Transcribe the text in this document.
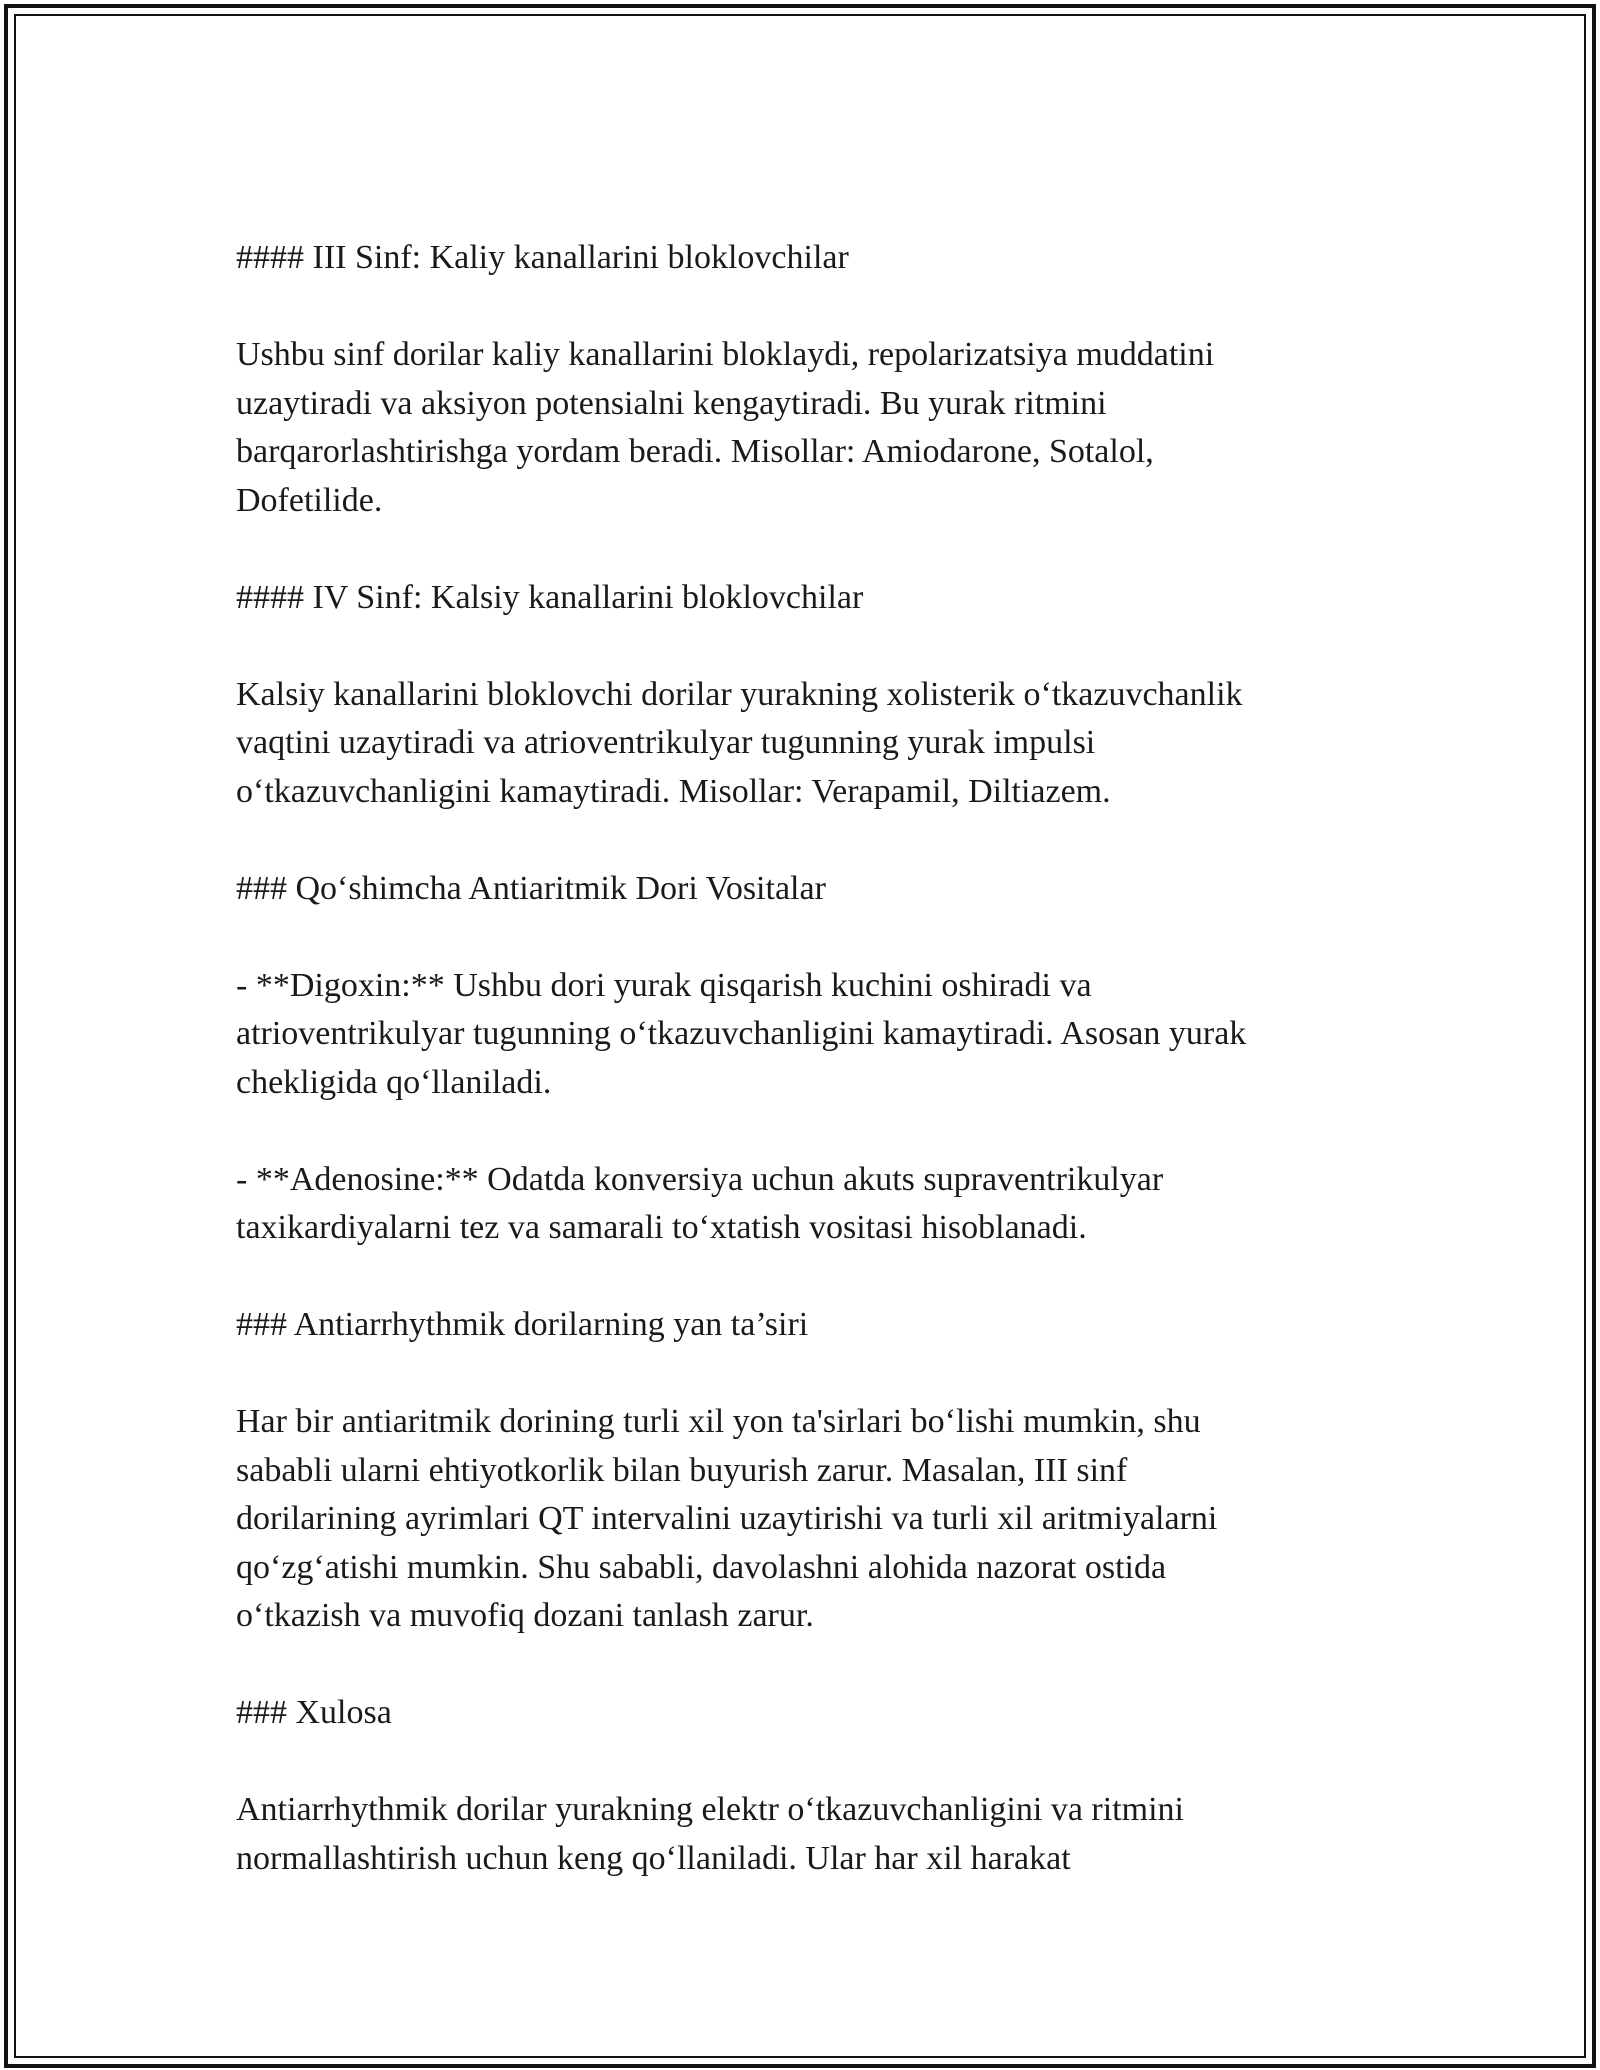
#### III Sinf: Kaliy kanallarini bloklovchilar
Ushbu sinf dorilar kaliy kanallarini bloklaydi, repolarizatsiya muddatini
uzaytiradi va aksiyon potensialni kengaytiradi. Bu yurak ritmini
barqarorlashtirishga yordam beradi. Misollar: Amiodarone, Sotalol,
Dofetilide.
#### IV Sinf: Kalsiy kanallarini bloklovchilar
Kalsiy kanallarini bloklovchi dorilar yurakning xolisterik o‘tkazuvchanlik
vaqtini uzaytiradi va atrioventrikulyar tugunning yurak impulsi
o‘tkazuvchanligini kamaytiradi. Misollar: Verapamil, Diltiazem.
### Qo‘shimcha Antiaritmik Dori Vositalar
- **Digoxin:** Ushbu dori yurak qisqarish kuchini oshiradi va
atrioventrikulyar tugunning o‘tkazuvchanligini kamaytiradi. Asosan yurak
chekligida qo‘llaniladi.
- **Adenosine:** Odatda konversiya uchun akuts supraventrikulyar
taxikardiyalarni tez va samarali to‘xtatish vositasi hisoblanadi.
### Antiarrhythmik dorilarning yan ta’siri
Har bir antiaritmik dorining turli xil yon ta'sirlari bo‘lishi mumkin, shu
sababli ularni ehtiyotkorlik bilan buyurish zarur. Masalan, III sinf
dorilarining ayrimlari QT intervalini uzaytirishi va turli xil aritmiyalarni
qo‘zg‘atishi mumkin. Shu sababli, davolashni alohida nazorat ostida
o‘tkazish va muvofiq dozani tanlash zarur.
### Xulosa
Antiarrhythmik dorilar yurakning elektr o‘tkazuvchanligini va ritmini
normallashtirish uchun keng qo‘llaniladi. Ular har xil harakat
